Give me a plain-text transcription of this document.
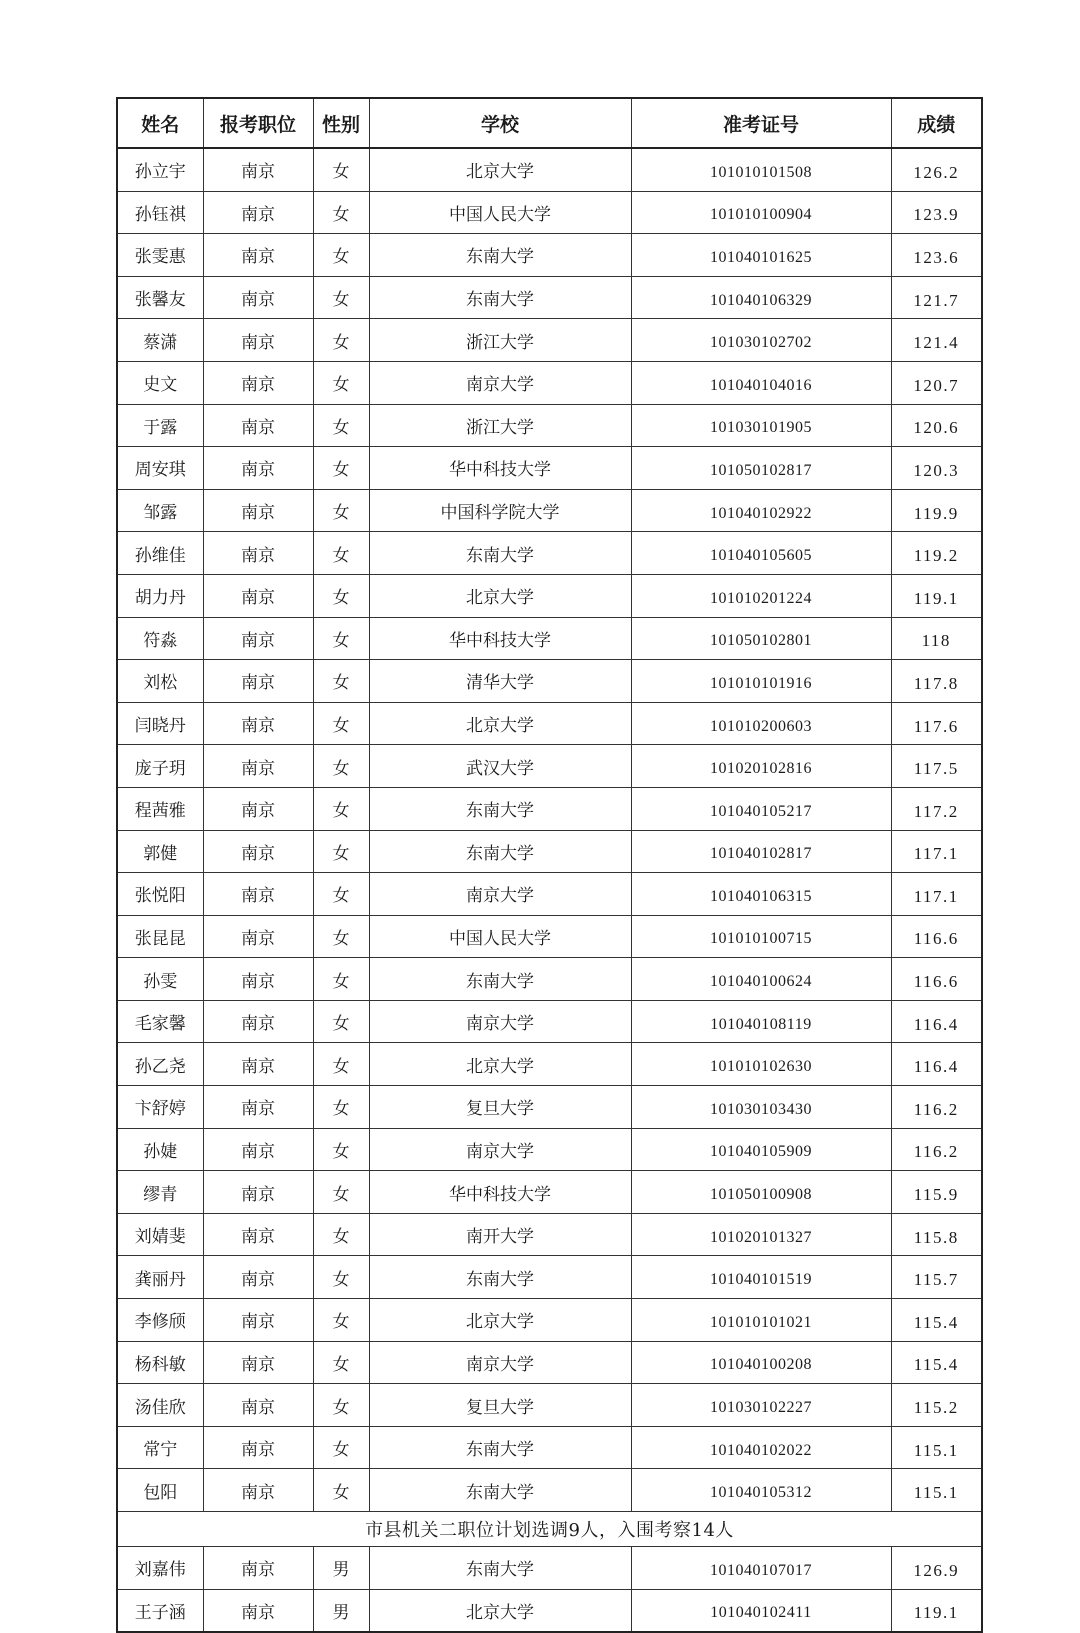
姓名	报考职位	性别	学校	准考证号	成绩
孙立宇	南京	女	北京大学	101010101508	126.2
孙钰祺	南京	女	中国人民大学	101010100904	123.9
张雯惠	南京	女	东南大学	101040101625	123.6
张馨友	南京	女	东南大学	101040106329	121.7
蔡潇	南京	女	浙江大学	101030102702	121.4
史文	南京	女	南京大学	101040104016	120.7
于露	南京	女	浙江大学	101030101905	120.6
周安琪	南京	女	华中科技大学	101050102817	120.3
邹露	南京	女	中国科学院大学	101040102922	119.9
孙维佳	南京	女	东南大学	101040105605	119.2
胡力丹	南京	女	北京大学	101010201224	119.1
符淼	南京	女	华中科技大学	101050102801	118
刘松	南京	女	清华大学	101010101916	117.8
闫晓丹	南京	女	北京大学	101010200603	117.6
庞子玥	南京	女	武汉大学	101020102816	117.5
程茜雅	南京	女	东南大学	101040105217	117.2
郭健	南京	女	东南大学	101040102817	117.1
张悦阳	南京	女	南京大学	101040106315	117.1
张昆昆	南京	女	中国人民大学	101010100715	116.6
孙雯	南京	女	东南大学	101040100624	116.6
毛家馨	南京	女	南京大学	101040108119	116.4
孙乙尧	南京	女	北京大学	101010102630	116.4
卞舒婷	南京	女	复旦大学	101030103430	116.2
孙婕	南京	女	南京大学	101040105909	116.2
缪青	南京	女	华中科技大学	101050100908	115.9
刘婧斐	南京	女	南开大学	101020101327	115.8
龚丽丹	南京	女	东南大学	101040101519	115.7
李修颀	南京	女	北京大学	101010101021	115.4
杨科敏	南京	女	南京大学	101040100208	115.4
汤佳欣	南京	女	复旦大学	101030102227	115.2
常宁	南京	女	东南大学	101040102022	115.1
包阳	南京	女	东南大学	101040105312	115.1
市县机关二职位计划选调9人，入围考察14人					
刘嘉伟	南京	男	东南大学	101040107017	126.9
王子涵	南京	男	北京大学	101040102411	119.1
